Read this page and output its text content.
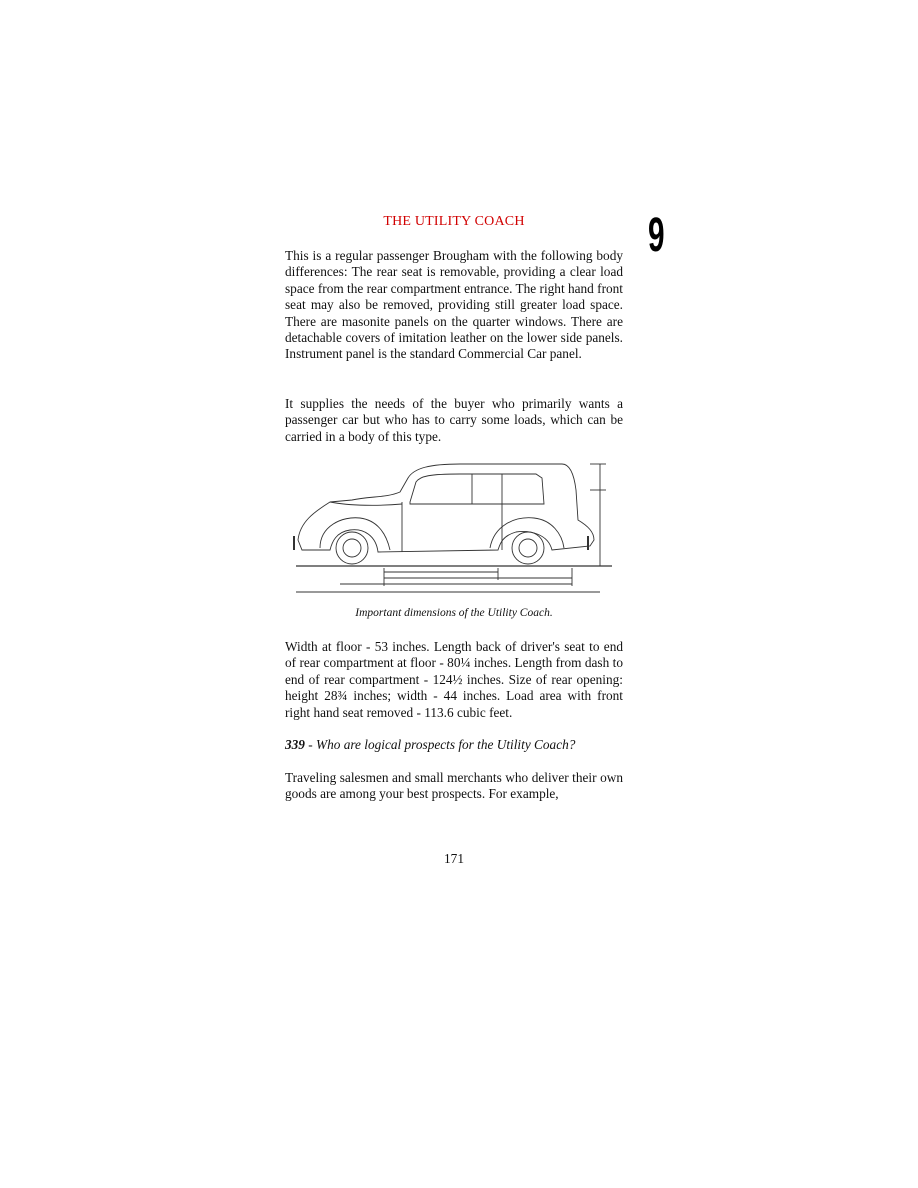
9
THE UTILITY COACH

This is a regular passenger Brougham with the following body differences: The rear seat is removable, providing a clear load space from the rear compartment entrance. The right hand front seat may also be removed, providing still greater load space. There are masonite panels on the quarter windows. There are detachable covers of imitation leather on the lower side panels. Instrument panel is the standard Commercial Car panel.

It supplies the needs of the buyer who primarily wants a passenger car but who has to carry some loads, which can be carried in a body of this type.

Important dimensions of the Utility Coach.

Width at floor - 53 inches. Length back of driver's seat to end of rear compartment at floor - 80¼ inches. Length from dash to end of rear compartment - 124½ inches. Size of rear opening: height 28¾ inches; width - 44 inches. Load area with front right hand seat removed - 113.6 cubic feet.

339 - Who are logical prospects for the Utility Coach?

Traveling salesmen and small merchants who deliver their own goods are among your best prospects. For example,

171
